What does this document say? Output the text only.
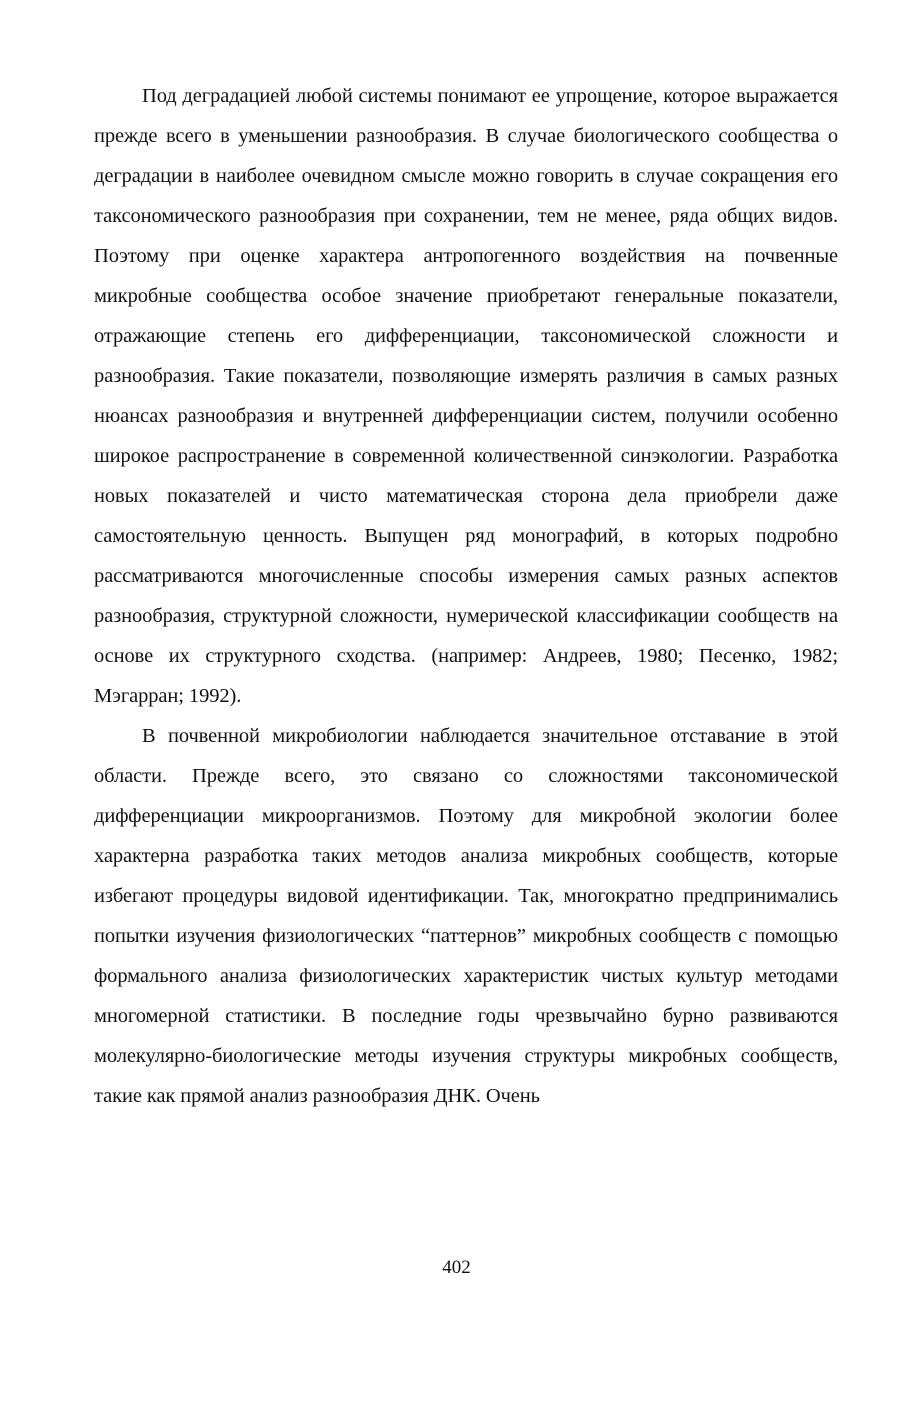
Под деградацией любой системы понимают ее упрощение, которое выражается прежде всего в уменьшении разнообразия. В случае биологического сообщества о деградации в наиболее очевидном смысле можно говорить в случае сокращения его таксономического разнообразия при сохранении, тем не менее, ряда общих видов. Поэтому при оценке характера антропогенного воздействия на почвенные микробные сообщества особое значение приобретают генеральные показатели, отражающие степень его дифференциации, таксономической сложности и разнообразия. Такие показатели, позволяющие измерять различия в самых разных нюансах разнообразия и внутренней дифференциации систем, получили особенно широкое распространение в современной количественной синэкологии. Разработка новых показателей и чисто математическая сторона дела приобрели даже самостоятельную ценность. Выпущен ряд монографий, в которых подробно рассматриваются многочисленные способы измерения самых разных аспектов разнообразия, структурной сложности, нумерической классификации сообществ на основе их структурного сходства. (например: Андреев, 1980; Песенко, 1982; Мэгарран; 1992).

В почвенной микробиологии наблюдается значительное отставание в этой области. Прежде всего, это связано со сложностями таксономической дифференциации микроорганизмов. Поэтому для микробной экологии более характерна разработка таких методов анализа микробных сообществ, которые избегают процедуры видовой идентификации. Так, многократно предпринимались попытки изучения физиологических “паттернов” микробных сообществ с помощью формального анализа физиологических характеристик чистых культур методами многомерной статистики. В последние годы чрезвычайно бурно развиваются молекулярно-биологические методы изучения структуры микробных сообществ, такие как прямой анализ разнообразия ДНК. Очень

402
